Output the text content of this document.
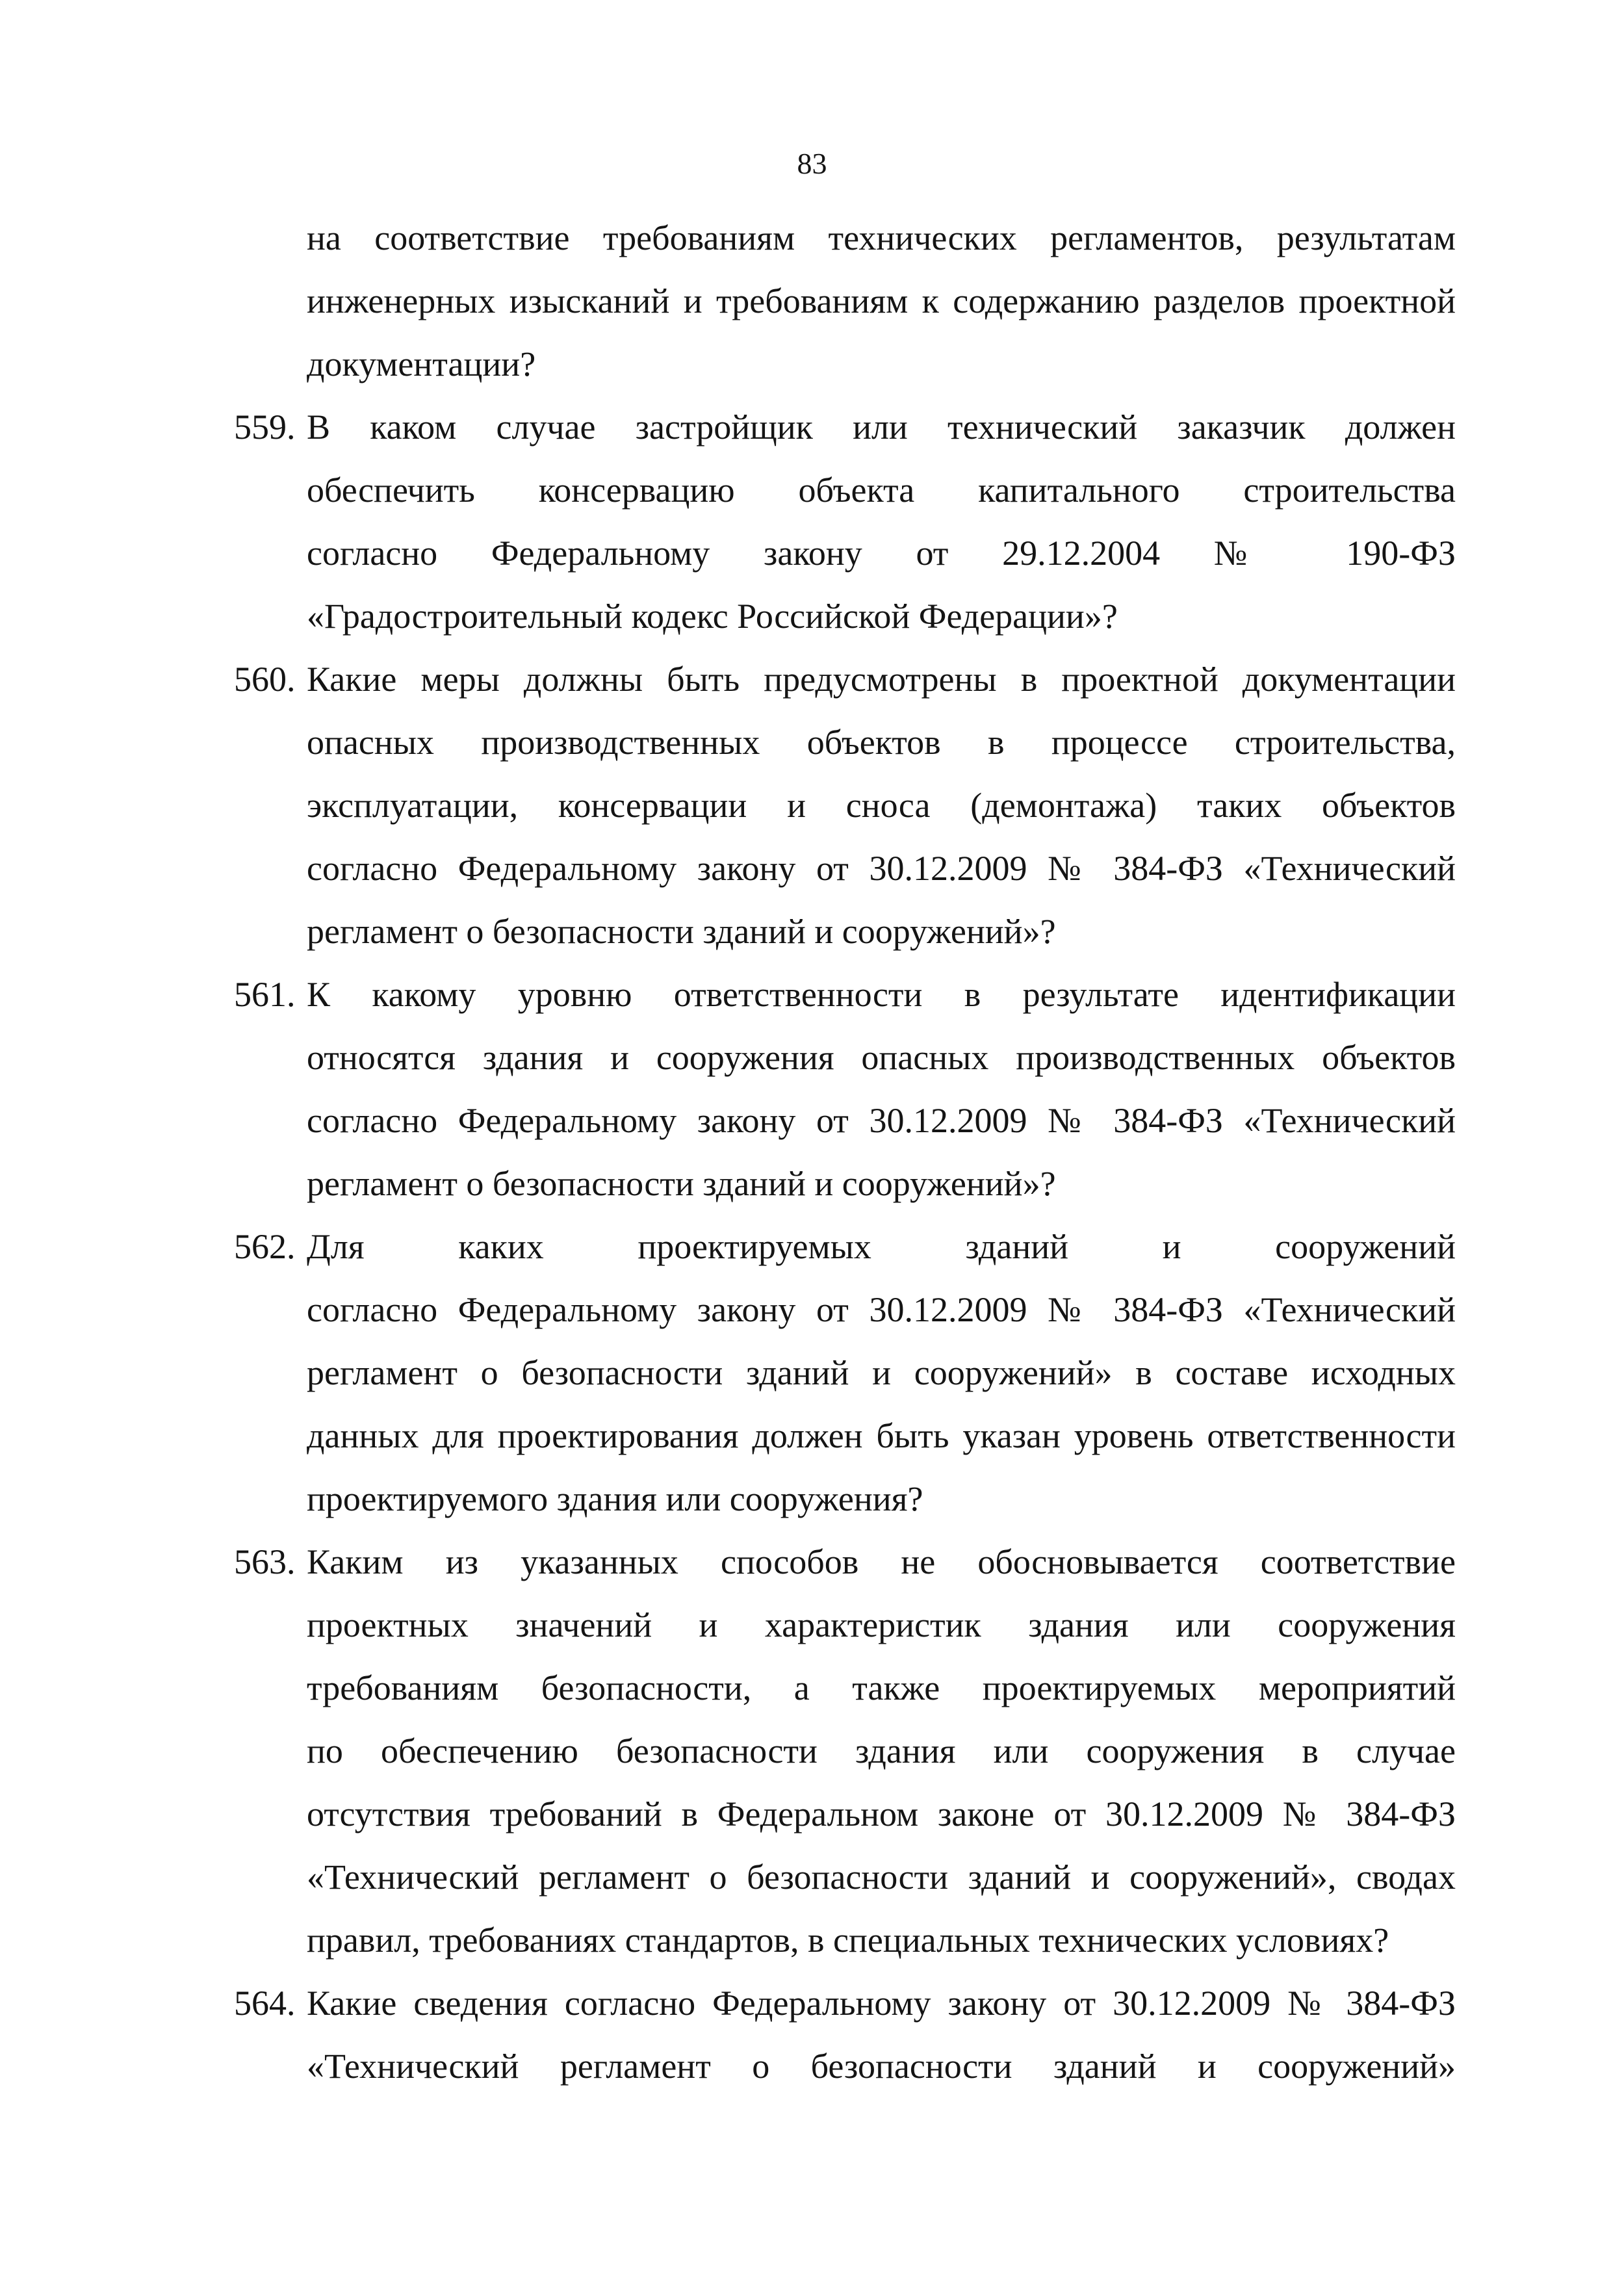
83
на соответствие требованиям технических регламентов, результатам
инженерных изысканий и требованиям к содержанию разделов проектной
документации?
559. В каком случае застройщик или технический заказчик должен
обеспечить консервацию объекта капитального строительства
согласно Федеральному закону от 29.12.2004 № 190-ФЗ
«Градостроительный кодекс Российской Федерации»?
560. Какие меры должны быть предусмотрены в проектной документации
опасных производственных объектов в процессе строительства,
эксплуатации, консервации и сноса (демонтажа) таких объектов
согласно Федеральному закону от 30.12.2009 № 384-ФЗ «Технический
регламент о безопасности зданий и сооружений»?
561. К какому уровню ответственности в результате идентификации
относятся здания и сооружения опасных производственных объектов
согласно Федеральному закону от 30.12.2009 № 384-ФЗ «Технический
регламент о безопасности зданий и сооружений»?
562. Для каких проектируемых зданий и сооружений
согласно Федеральному закону от 30.12.2009 № 384-ФЗ «Технический
регламент о безопасности зданий и сооружений» в составе исходных
данных для проектирования должен быть указан уровень ответственности
проектируемого здания или сооружения?
563. Каким из указанных способов не обосновывается соответствие
проектных значений и характеристик здания или сооружения
требованиям безопасности, а также проектируемых мероприятий
по обеспечению безопасности здания или сооружения в случае
отсутствия требований в Федеральном законе от 30.12.2009 № 384-ФЗ
«Технический регламент о безопасности зданий и сооружений», сводах
правил, требованиях стандартов, в специальных технических условиях?
564. Какие сведения согласно Федеральному закону от 30.12.2009 № 384-ФЗ
«Технический регламент о безопасности зданий и сооружений»
